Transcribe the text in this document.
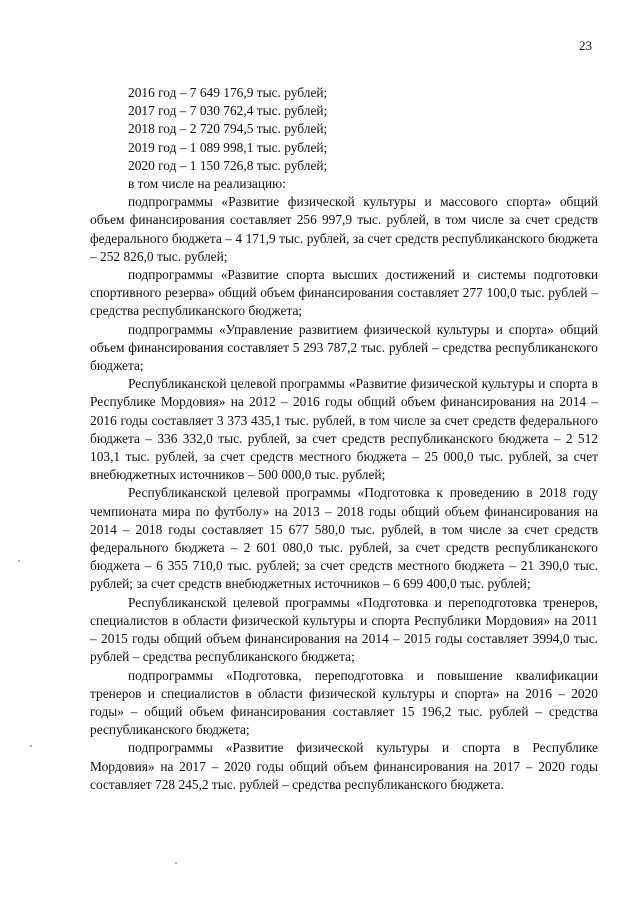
23
2016 год – 7 649 176,9 тыс. рублей;
2017 год – 7 030 762,4 тыс. рублей;
2018 год – 2 720 794,5 тыс. рублей;
2019 год – 1 089 998,1 тыс. рублей;
2020 год – 1 150 726,8 тыс. рублей;
в том числе на реализацию:

подпрограммы «Развитие физической культуры и массового спорта» общий объем финансирования составляет 256 997,9 тыс. рублей, в том числе за счет средств федерального бюджета – 4 171,9 тыс. рублей, за счет средств республиканского бюджета – 252 826,0 тыс. рублей;

подпрограммы «Развитие спорта высших достижений и системы подготовки спортивного резерва» общий объем финансирования составляет 277 100,0 тыс. рублей – средства республиканского бюджета;

подпрограммы «Управление развитием физической культуры и спорта» общий объем финансирования составляет 5 293 787,2 тыс. рублей – средства республиканского бюджета;

Республиканской целевой программы «Развитие физической культуры и спорта в Республике Мордовия» на 2012 – 2016 годы общий объем финансирования на 2014 – 2016 годы составляет 3 373 435,1 тыс. рублей, в том числе за счет средств федерального бюджета – 336 332,0 тыс. рублей, за счет средств республиканского бюджета – 2 512 103,1 тыс. рублей, за счет средств местного бюджета – 25 000,0 тыс. рублей, за счет внебюджетных источников – 500 000,0 тыс. рублей;

Республиканской целевой программы «Подготовка к проведению в 2018 году чемпионата мира по футболу» на 2013 – 2018 годы общий объем финансирования на 2014 – 2018 годы составляет 15 677 580,0 тыс. рублей, в том числе за счет средств федерального бюджета – 2 601 080,0 тыс. рублей, за счет средств республиканского бюджета – 6 355 710,0 тыс. рублей; за счет средств местного бюджета – 21 390,0 тыс. рублей; за счет средств внебюджетных источников – 6 699 400,0 тыс. рублей;

Республиканской целевой программы «Подготовка и переподготовка тренеров, специалистов в области физической культуры и спорта Республики Мордовия» на 2011 – 2015 годы общий объем финансирования на 2014 – 2015 годы составляет 3994,0 тыс. рублей – средства республиканского бюджета;

подпрограммы «Подготовка, переподготовка и повышение квалификации тренеров и специалистов в области физической культуры и спорта» на 2016 – 2020 годы» – общий объем финансирования составляет 15 196,2 тыс. рублей – средства республиканского бюджета;

подпрограммы «Развитие физической культуры и спорта в Республике Мордовия» на 2017 – 2020 годы общий объем финансирования на 2017 – 2020 годы составляет 728 245,2 тыс. рублей – средства республиканского бюджета.
